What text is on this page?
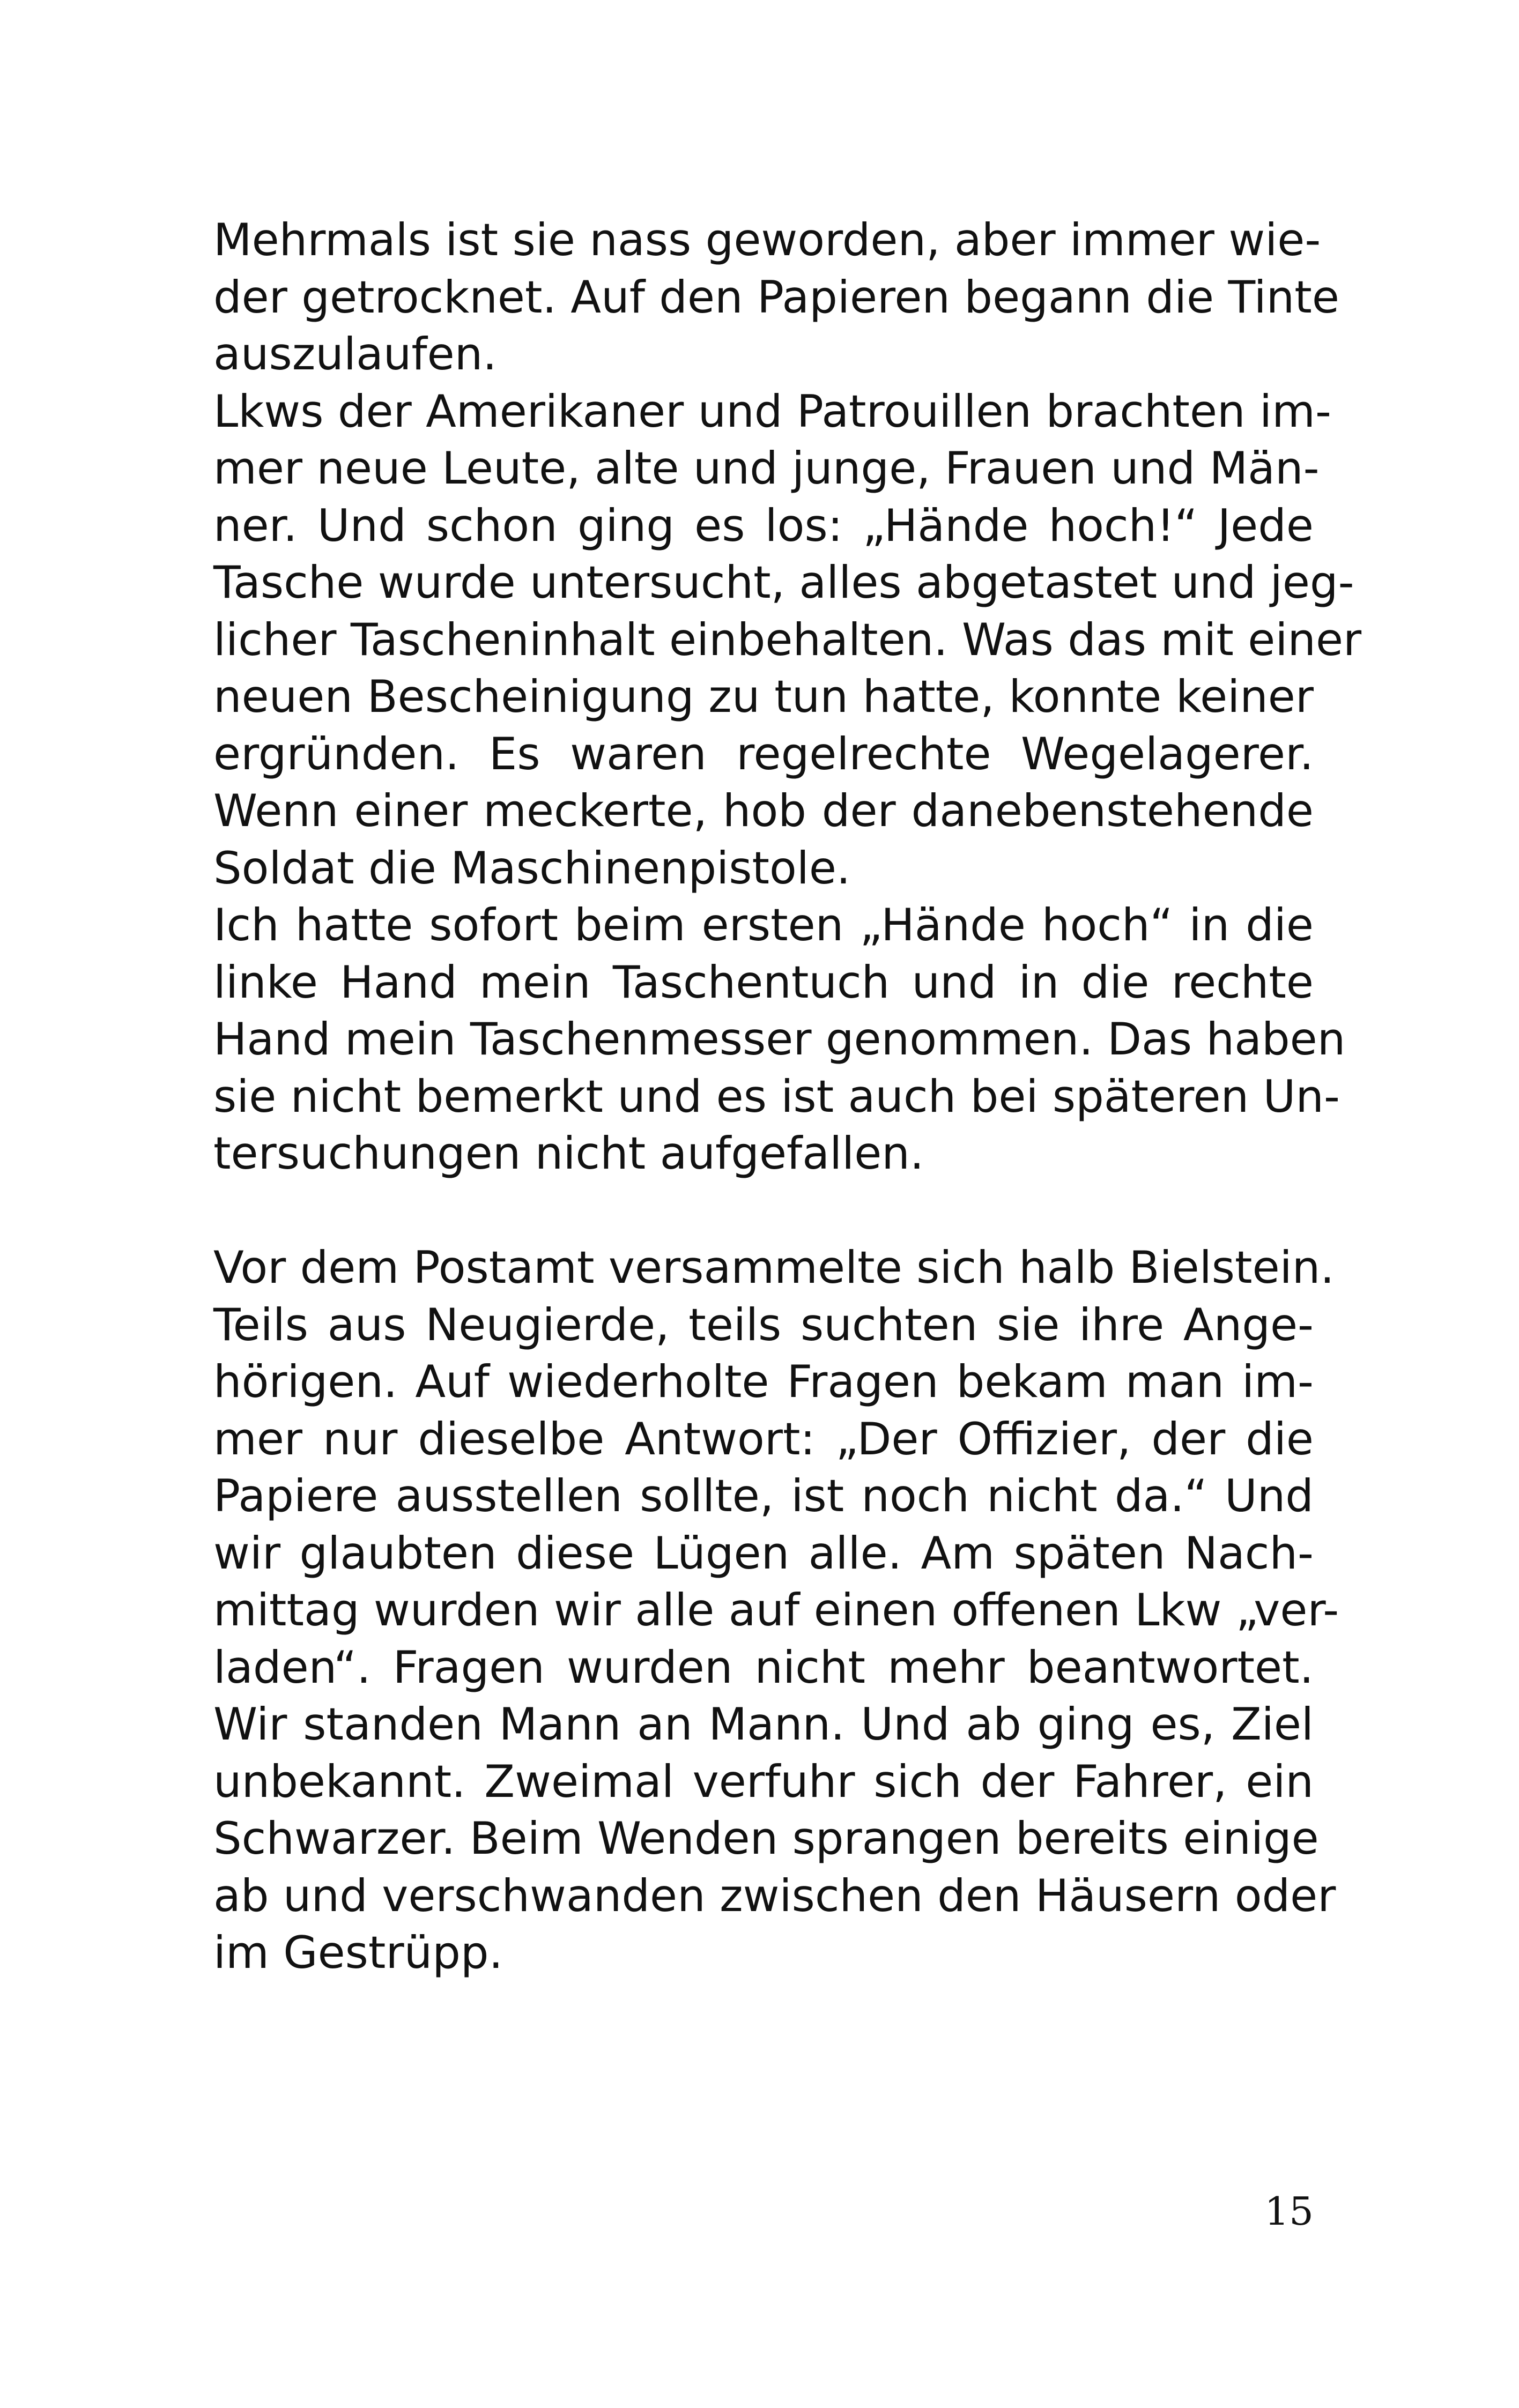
Mehrmals ist sie nass geworden, aber immer wie-
der getrocknet. Auf den Papieren begann die Tinte
auszulaufen.
Lkws der Amerikaner und Patrouillen brachten im-
mer neue Leute, alte und junge, Frauen und Män-
ner. Und schon ging es los: „Hände hoch!“ Jede
Tasche wurde untersucht, alles abgetastet und jeg-
licher Tascheninhalt einbehalten. Was das mit einer
neuen Bescheinigung zu tun hatte, konnte keiner
ergründen. Es waren regelrechte Wegelagerer.
Wenn einer meckerte, hob der danebenstehende
Soldat die Maschinenpistole.
Ich hatte sofort beim ersten „Hände hoch“ in die
linke Hand mein Taschentuch und in die rechte
Hand mein Taschenmesser genommen. Das haben
sie nicht bemerkt und es ist auch bei späteren Un-
tersuchungen nicht aufgefallen.
Vor dem Postamt versammelte sich halb Bielstein.
Teils aus Neugierde, teils suchten sie ihre Ange-
hörigen. Auf wiederholte Fragen bekam man im-
mer nur dieselbe Antwort: „Der Offizier, der die
Papiere ausstellen sollte, ist noch nicht da.“ Und
wir glaubten diese Lügen alle. Am späten Nach-
mittag wurden wir alle auf einen offenen Lkw „ver-
laden“. Fragen wurden nicht mehr beantwortet.
Wir standen Mann an Mann. Und ab ging es, Ziel
unbekannt. Zweimal verfuhr sich der Fahrer, ein
Schwarzer. Beim Wenden sprangen bereits einige
ab und verschwanden zwischen den Häusern oder
im Gestrüpp.
15
